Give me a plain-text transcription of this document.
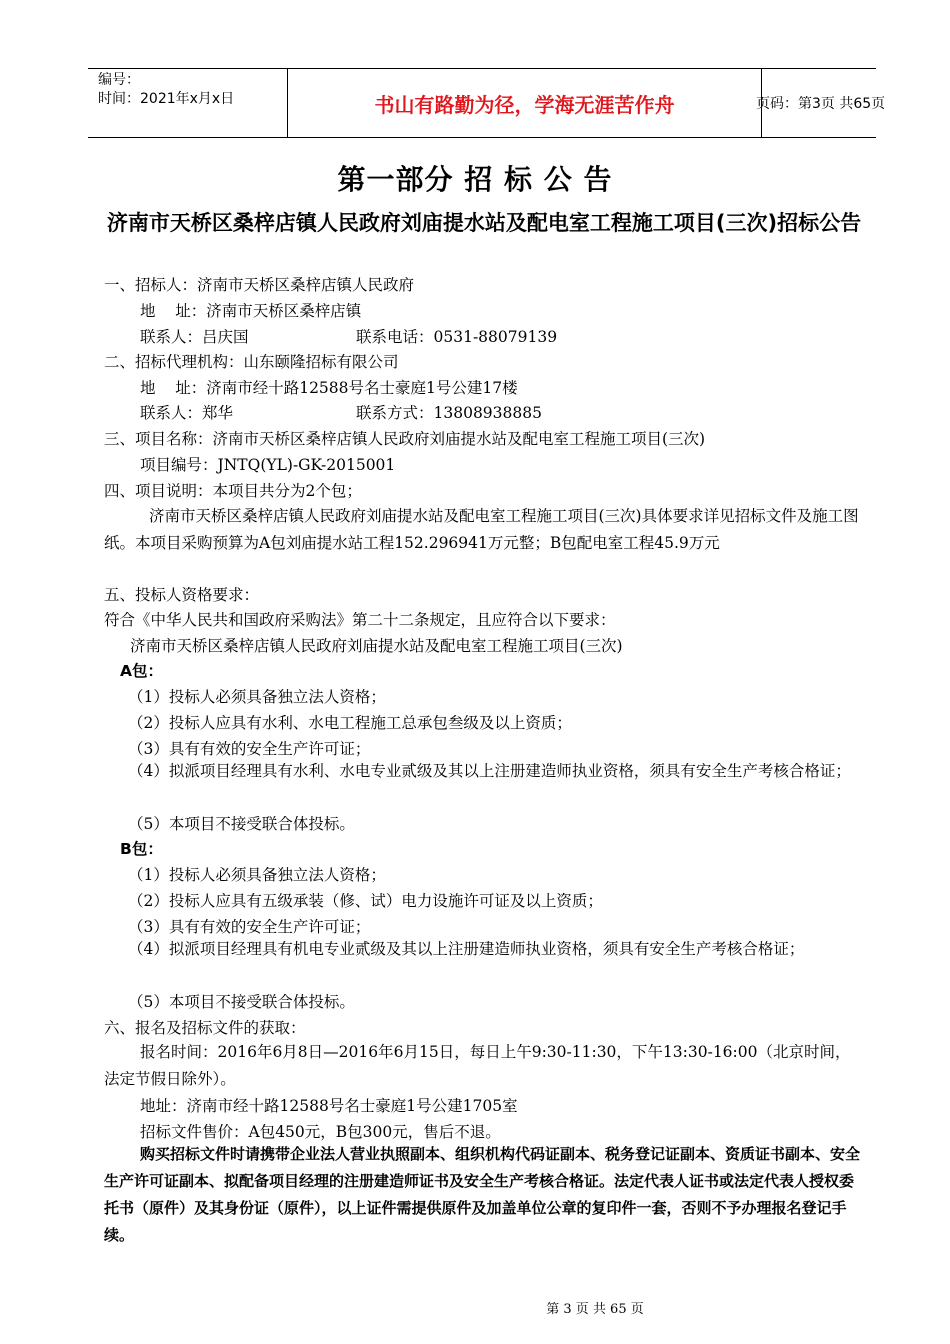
编号：
时间：2021年x月x日	书山有路勤为径，学海无涯苦作舟	页码：第3页 共65页
第一部分 招 标 公 告
济南市天桥区桑梓店镇人民政府刘庙提水站及配电室工程施工项目(三次)招标公告
一、招标人：济南市天桥区桑梓店镇人民政府
地    址：济南市天桥区桑梓店镇
联系人：吕庆国	联系电话：0531-88079139
二、招标代理机构：山东颐隆招标有限公司
地    址：济南市经十路12588号名士豪庭1号公建17楼
联系人：郑华	联系方式：13808938885
三、项目名称：济南市天桥区桑梓店镇人民政府刘庙提水站及配电室工程施工项目(三次)
项目编号：JNTQ(YL)-GK-2015001
四、项目说明：本项目共分为2个包；
济南市天桥区桑梓店镇人民政府刘庙提水站及配电室工程施工项目(三次)具体要求详见招标文件及施工图纸。本项目采购预算为A包刘庙提水站工程152.296941万元整；B包配电室工程45.9万元
五、投标人资格要求：
符合《中华人民共和国政府采购法》第二十二条规定，且应符合以下要求：
济南市天桥区桑梓店镇人民政府刘庙提水站及配电室工程施工项目(三次)
A包：
（1）投标人必须具备独立法人资格；
（2）投标人应具有水利、水电工程施工总承包叁级及以上资质；
（3）具有有效的安全生产许可证；
（4）拟派项目经理具有水利、水电专业贰级及其以上注册建造师执业资格，须具有安全生产考核合格证；
（5）本项目不接受联合体投标。
B包：
（1）投标人必须具备独立法人资格；
（2）投标人应具有五级承装（修、试）电力设施许可证及以上资质；
（3）具有有效的安全生产许可证；
（4）拟派项目经理具有机电专业贰级及其以上注册建造师执业资格，须具有安全生产考核合格证；
（5）本项目不接受联合体投标。
六、报名及招标文件的获取：
报名时间：2016年6月8日—2016年6月15日，每日上午9:30-11:30，下午13:30-16:00（北京时间，法定节假日除外）。
地址：济南市经十路12588号名士豪庭1号公建1705室
招标文件售价：A包450元，B包300元，售后不退。
购买招标文件时请携带企业法人营业执照副本、组织机构代码证副本、税务登记证副本、资质证书副本、安全生产许可证副本、拟配备项目经理的注册建造师证书及安全生产考核合格证。法定代表人证书或法定代表人授权委托书（原件）及其身份证（原件），以上证件需提供原件及加盖单位公章的复印件一套，否则不予办理报名登记手续。
第 3 页 共 65 页
